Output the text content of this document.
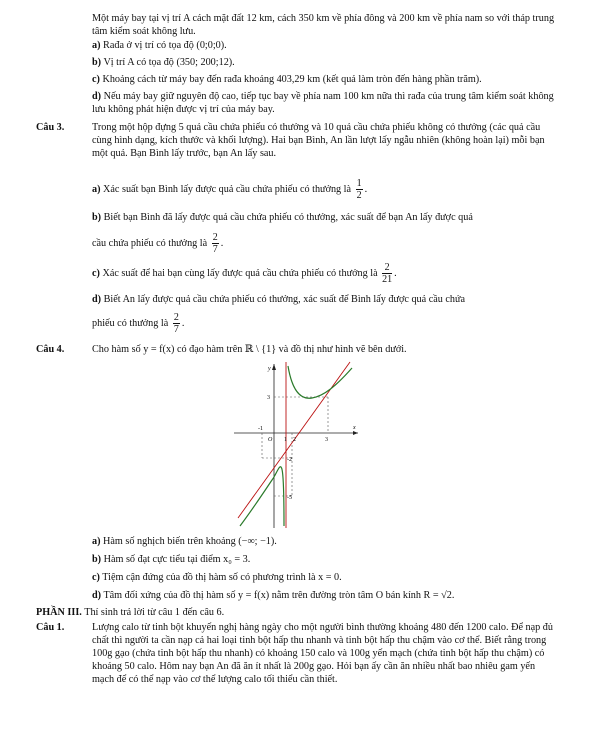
Một máy bay tại vị trí A cách mặt đất 12 km, cách 350 km về phía đông và 200 km về phía nam so với tháp trung tâm kiểm soát không lưu.
a) Rađa ở vị trí có tọa độ (0;0;0).
b) Vị trí A có tọa độ (350; 200;12).
c) Khoảng cách từ máy bay đến rađa khoảng 403,29 km (kết quả làm tròn đến hàng phần trăm).
d) Nếu máy bay giữ nguyên độ cao, tiếp tục bay về phía nam 100 km nữa thì rađa của trung tâm kiểm soát không lưu không phát hiện được vị trí của máy bay.
Câu 3.	Trong một hộp đựng 5 quả cầu chứa phiếu có thưởng và 10 quả cầu chứa phiếu không có thưởng (các quả cầu cùng hình dạng, kích thước và khối lượng). Hai bạn Bình, An lần lượt lấy ngẫu nhiên (không hoàn lại) mỗi bạn một quả. Bạn Bình lấy trước, bạn An lấy sau.
a) Xác suất bạn Bình lấy được quả cầu chứa phiếu có thưởng là $\frac{1}{2}$ .
b) Biết bạn Bình đã lấy được quả cầu chứa phiếu có thưởng, xác suất để bạn An lấy được quả

cầu chứa phiếu có thưởng là $\frac{2}{7}$ .
c) Xác suất để hai bạn cùng lấy được quả cầu chứa phiếu có thưởng là $\frac{2}{21}$ .
d) Biết An lấy được quả cầu chứa phiếu có thưởng, xác suất để Bình lấy được quả cầu chứa

phiếu có thưởng là $\frac{2}{7}$ .
Câu 4.	Cho hàm số y = f(x) có đạo hàm trên ℝ \ {1} và đồ thị như hình vẽ bên dưới.
y
x
O
-1
1 2	3
3
-2
-5
a) Hàm số nghịch biến trên khoảng (−∞; −1).
b) Hàm số đạt cực tiểu tại điểm x₀ = 3.
c) Tiệm cận đứng của đồ thị hàm số có phương trình là x = 0.
d) Tâm đối xứng của đồ thị hàm số y = f(x) nằm trên đường tròn tâm O bán kính R = √2.
PHẦN III. Thí sinh trả lời từ câu 1 đến câu 6.
Câu 1.	Lượng calo từ tinh bột khuyến nghị hàng ngày cho một người bình thường khoảng 480 đến 1200 calo. Để nạp đủ chất thì người ta cần nạp cả hai loại tinh bột hấp thu nhanh và tinh bột hấp thu chậm vào cơ thể. Biết rằng trong 100g gạo (chứa tinh bột hấp thu nhanh) có khoảng 150 calo và 100g yến mạch (chứa tinh bột hấp thu chậm) có khoảng 50 calo. Hôm nay bạn An đã ăn ít nhất là 200g gạo. Hỏi bạn ấy cần ăn nhiều nhất bao nhiêu gam yến mạch để có thể nạp vào cơ thể lượng calo tối thiểu cần thiết.
